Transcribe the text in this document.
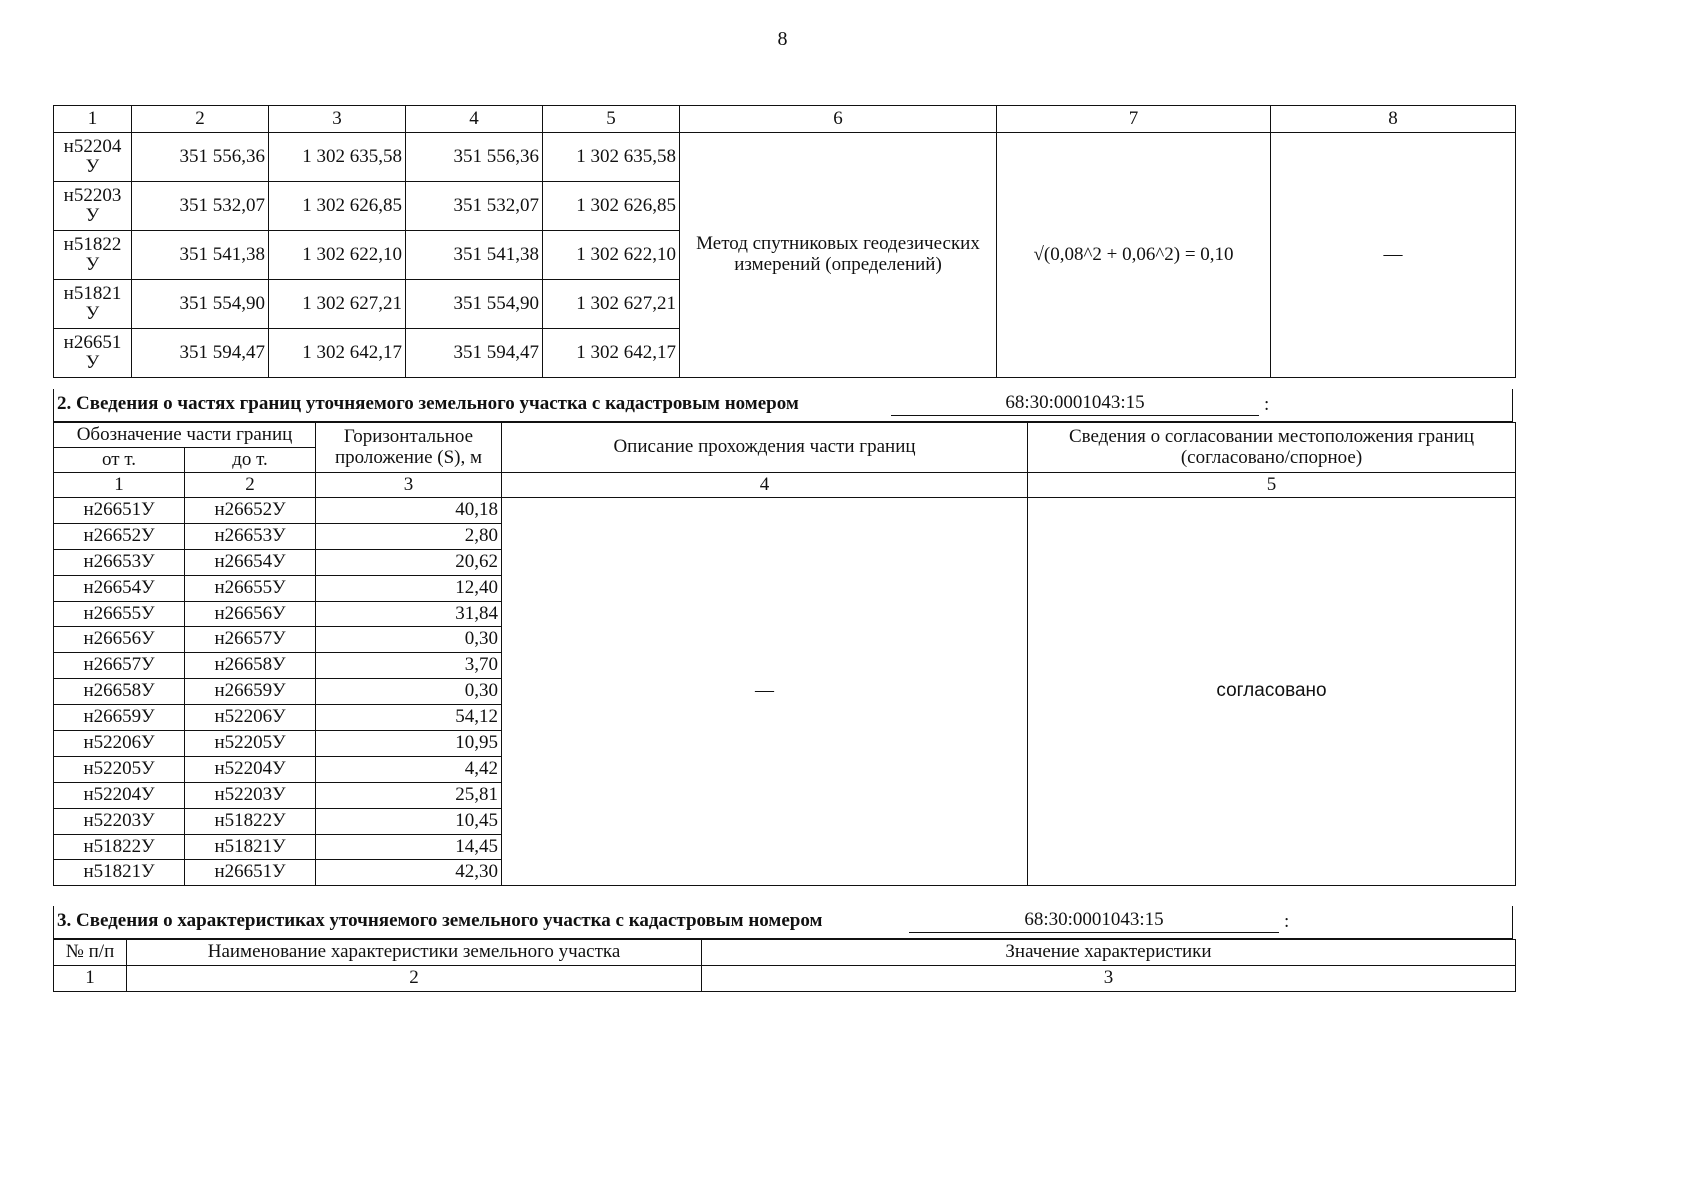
8
1	2	3	4	5	6	7	8
н52204 У	351 556,36	1 302 635,58	351 556,36	1 302 635,58	Метод спутниковых геодезических измерений (определений)	√(0,08^2 + 0,06^2) = 0,10	—
н52203 У	351 532,07	1 302 626,85	351 532,07	1 302 626,85			
н51822 У	351 541,38	1 302 622,10	351 541,38	1 302 622,10			
н51821 У	351 554,90	1 302 627,21	351 554,90	1 302 627,21			
н26651 У	351 594,47	1 302 642,17	351 594,47	1 302 642,17			
2. Сведения о частях границ уточняемого земельного участка с кадастровым номером	68:30:0001043:15	:
Обозначение части границ		Горизонтальное проложение (S), м	Описание прохождения части границ	Сведения о согласовании местоположения границ (согласовано/спорное)
от т.	до т.			
1	2	3	4	5
н26651У	н26652У	40,18	—	согласовано
н26652У	н26653У	2,80		
н26653У	н26654У	20,62		
н26654У	н26655У	12,40		
н26655У	н26656У	31,84		
н26656У	н26657У	0,30		
н26657У	н26658У	3,70		
н26658У	н26659У	0,30		
н26659У	н52206У	54,12		
н52206У	н52205У	10,95		
н52205У	н52204У	4,42		
н52204У	н52203У	25,81		
н52203У	н51822У	10,45		
н51822У	н51821У	14,45		
н51821У	н26651У	42,30		
3. Сведения о характеристиках уточняемого земельного участка с кадастровым номером	68:30:0001043:15	:
№ п/п	Наименование характеристики земельного участка	Значение характеристики
1	2	3
